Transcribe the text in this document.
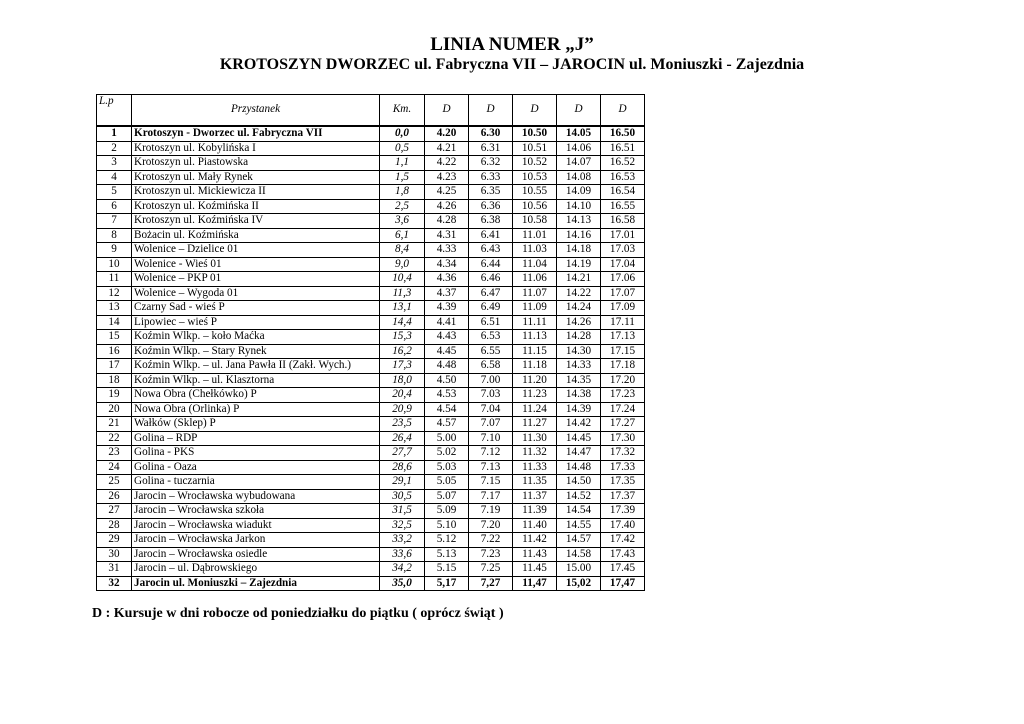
LINIA NUMER „J”
KROTOSZYN DWORZEC ul. Fabryczna VII – JAROCIN ul. Moniuszki - Zajezdnia
L.p	Przystanek	Km.	D	D	D	D	D
1	Krotoszyn - Dworzec ul. Fabryczna VII	0,0	4.20	6.30	10.50	14.05	16.50
2	Krotoszyn ul. Kobylińska I	0,5	4.21	6.31	10.51	14.06	16.51
3	Krotoszyn ul. Piastowska	1,1	4.22	6.32	10.52	14.07	16.52
4	Krotoszyn ul. Mały Rynek	1,5	4.23	6.33	10.53	14.08	16.53
5	Krotoszyn ul. Mickiewicza II	1,8	4.25	6.35	10.55	14.09	16.54
6	Krotoszyn ul. Koźmińska II	2,5	4.26	6.36	10.56	14.10	16.55
7	Krotoszyn ul. Koźmińska IV	3,6	4.28	6.38	10.58	14.13	16.58
8	Bożacin ul. Koźmińska	6,1	4.31	6.41	11.01	14.16	17.01
9	Wolenice – Dzielice 01	8,4	4.33	6.43	11.03	14.18	17.03
10	Wolenice - Wieś 01	9,0	4.34	6.44	11.04	14.19	17.04
11	Wolenice – PKP 01	10,4	4.36	6.46	11.06	14.21	17.06
12	Wolenice – Wygoda 01	11,3	4.37	6.47	11.07	14.22	17.07
13	Czarny Sad - wieś P	13,1	4.39	6.49	11.09	14.24	17.09
14	Lipowiec – wieś P	14,4	4.41	6.51	11.11	14.26	17.11
15	Koźmin Wlkp. – koło Maćka	15,3	4.43	6.53	11.13	14.28	17.13
16	Koźmin Wlkp. – Stary Rynek	16,2	4.45	6.55	11.15	14.30	17.15
17	Koźmin Wlkp. – ul. Jana Pawła II (Zakł. Wych.)	17,3	4.48	6.58	11.18	14.33	17.18
18	Koźmin Wlkp. – ul. Klasztorna	18,0	4.50	7.00	11.20	14.35	17.20
19	Nowa Obra (Chełkówko) P	20,4	4.53	7.03	11.23	14.38	17.23
20	Nowa Obra (Orlinka) P	20,9	4.54	7.04	11.24	14.39	17.24
21	Wałków (Sklep) P	23,5	4.57	7.07	11.27	14.42	17.27
22	Golina – RDP	26,4	5.00	7.10	11.30	14.45	17.30
23	Golina - PKS	27,7	5.02	7.12	11.32	14.47	17.32
24	Golina - Oaza	28,6	5.03	7.13	11.33	14.48	17.33
25	Golina - tuczarnia	29,1	5.05	7.15	11.35	14.50	17.35
26	Jarocin – Wrocławska wybudowana	30,5	5.07	7.17	11.37	14.52	17.37
27	Jarocin – Wrocławska szkoła	31,5	5.09	7.19	11.39	14.54	17.39
28	Jarocin – Wrocławska wiadukt	32,5	5.10	7.20	11.40	14.55	17.40
29	Jarocin – Wrocławska Jarkon	33,2	5.12	7.22	11.42	14.57	17.42
30	Jarocin – Wrocławska osiedle	33,6	5.13	7.23	11.43	14.58	17.43
31	Jarocin – ul. Dąbrowskiego	34,2	5.15	7.25	11.45	15.00	17.45
32	Jarocin ul. Moniuszki – Zajezdnia	35,0	5,17	7,27	11,47	15,02	17,47
D : Kursuje w dni robocze od poniedziałku do piątku ( oprócz świąt )
